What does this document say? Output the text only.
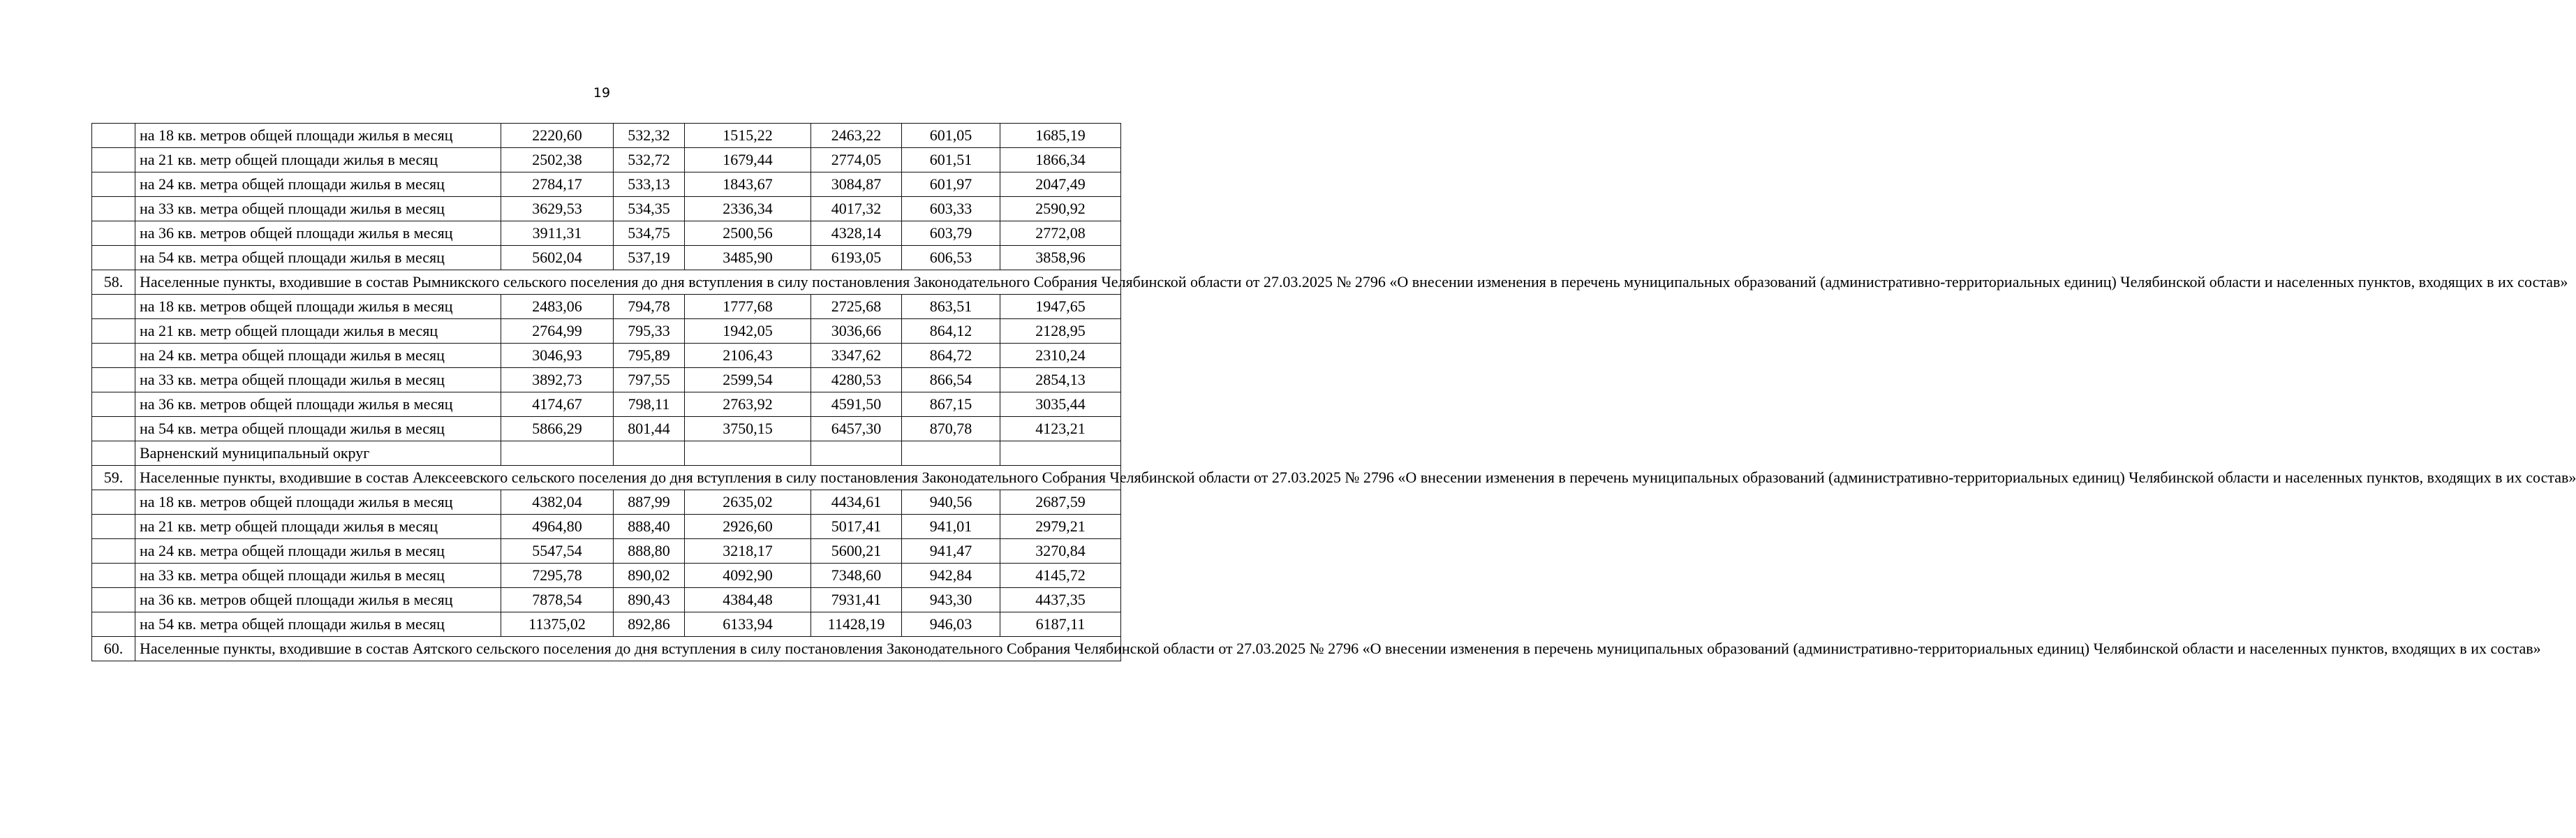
19
	на 18 кв. метров общей площади жилья в месяц	2220,60	532,32	1515,22	2463,22	601,05	1685,19
	на 21 кв. метр общей площади жилья в месяц	2502,38	532,72	1679,44	2774,05	601,51	1866,34
	на 24 кв. метра общей площади жилья в месяц	2784,17	533,13	1843,67	3084,87	601,97	2047,49
	на 33 кв. метра общей площади жилья в месяц	3629,53	534,35	2336,34	4017,32	603,33	2590,92
	на 36 кв. метров общей площади жилья в месяц	3911,31	534,75	2500,56	4328,14	603,79	2772,08
	на 54 кв. метра общей площади жилья в месяц	5602,04	537,19	3485,90	6193,05	606,53	3858,96
58.	Населенные пункты, входившие в состав Рымникского сельского поселения до дня вступления в силу постановления Законодательного Собрания Челябинской области от 27.03.2025 № 2796 «О внесении изменения в перечень муниципальных образований (административно-территориальных единиц) Челябинской области и населенных пунктов, входящих в их состав»						
	на 18 кв. метров общей площади жилья в месяц	2483,06	794,78	1777,68	2725,68	863,51	1947,65
	на 21 кв. метр общей площади жилья в месяц	2764,99	795,33	1942,05	3036,66	864,12	2128,95
	на 24 кв. метра общей площади жилья в месяц	3046,93	795,89	2106,43	3347,62	864,72	2310,24
	на 33 кв. метра общей площади жилья в месяц	3892,73	797,55	2599,54	4280,53	866,54	2854,13
	на 36 кв. метров общей площади жилья в месяц	4174,67	798,11	2763,92	4591,50	867,15	3035,44
	на 54 кв. метра общей площади жилья в месяц	5866,29	801,44	3750,15	6457,30	870,78	4123,21
	Варненский муниципальный округ						
59.	Населенные пункты, входившие в состав Алексеевского сельского поселения до дня вступления в силу постановления Законодательного Собрания Челябинской области от 27.03.2025 № 2796 «О внесении изменения в перечень муниципальных образований (административно-территориальных единиц) Челябинской области и населенных пунктов, входящих в их состав»						
	на 18 кв. метров общей площади жилья в месяц	4382,04	887,99	2635,02	4434,61	940,56	2687,59
	на 21 кв. метр общей площади жилья в месяц	4964,80	888,40	2926,60	5017,41	941,01	2979,21
	на 24 кв. метра общей площади жилья в месяц	5547,54	888,80	3218,17	5600,21	941,47	3270,84
	на 33 кв. метра общей площади жилья в месяц	7295,78	890,02	4092,90	7348,60	942,84	4145,72
	на 36 кв. метров общей площади жилья в месяц	7878,54	890,43	4384,48	7931,41	943,30	4437,35
	на 54 кв. метра общей площади жилья в месяц	11375,02	892,86	6133,94	11428,19	946,03	6187,11
60.	Населенные пункты, входившие в состав Аятского сельского поселения до дня вступления в силу постановления Законодательного Собрания Челябинской области от 27.03.2025 № 2796 «О внесении изменения в перечень муниципальных образований (административно-территориальных единиц) Челябинской области и населенных пунктов, входящих в их состав»						
